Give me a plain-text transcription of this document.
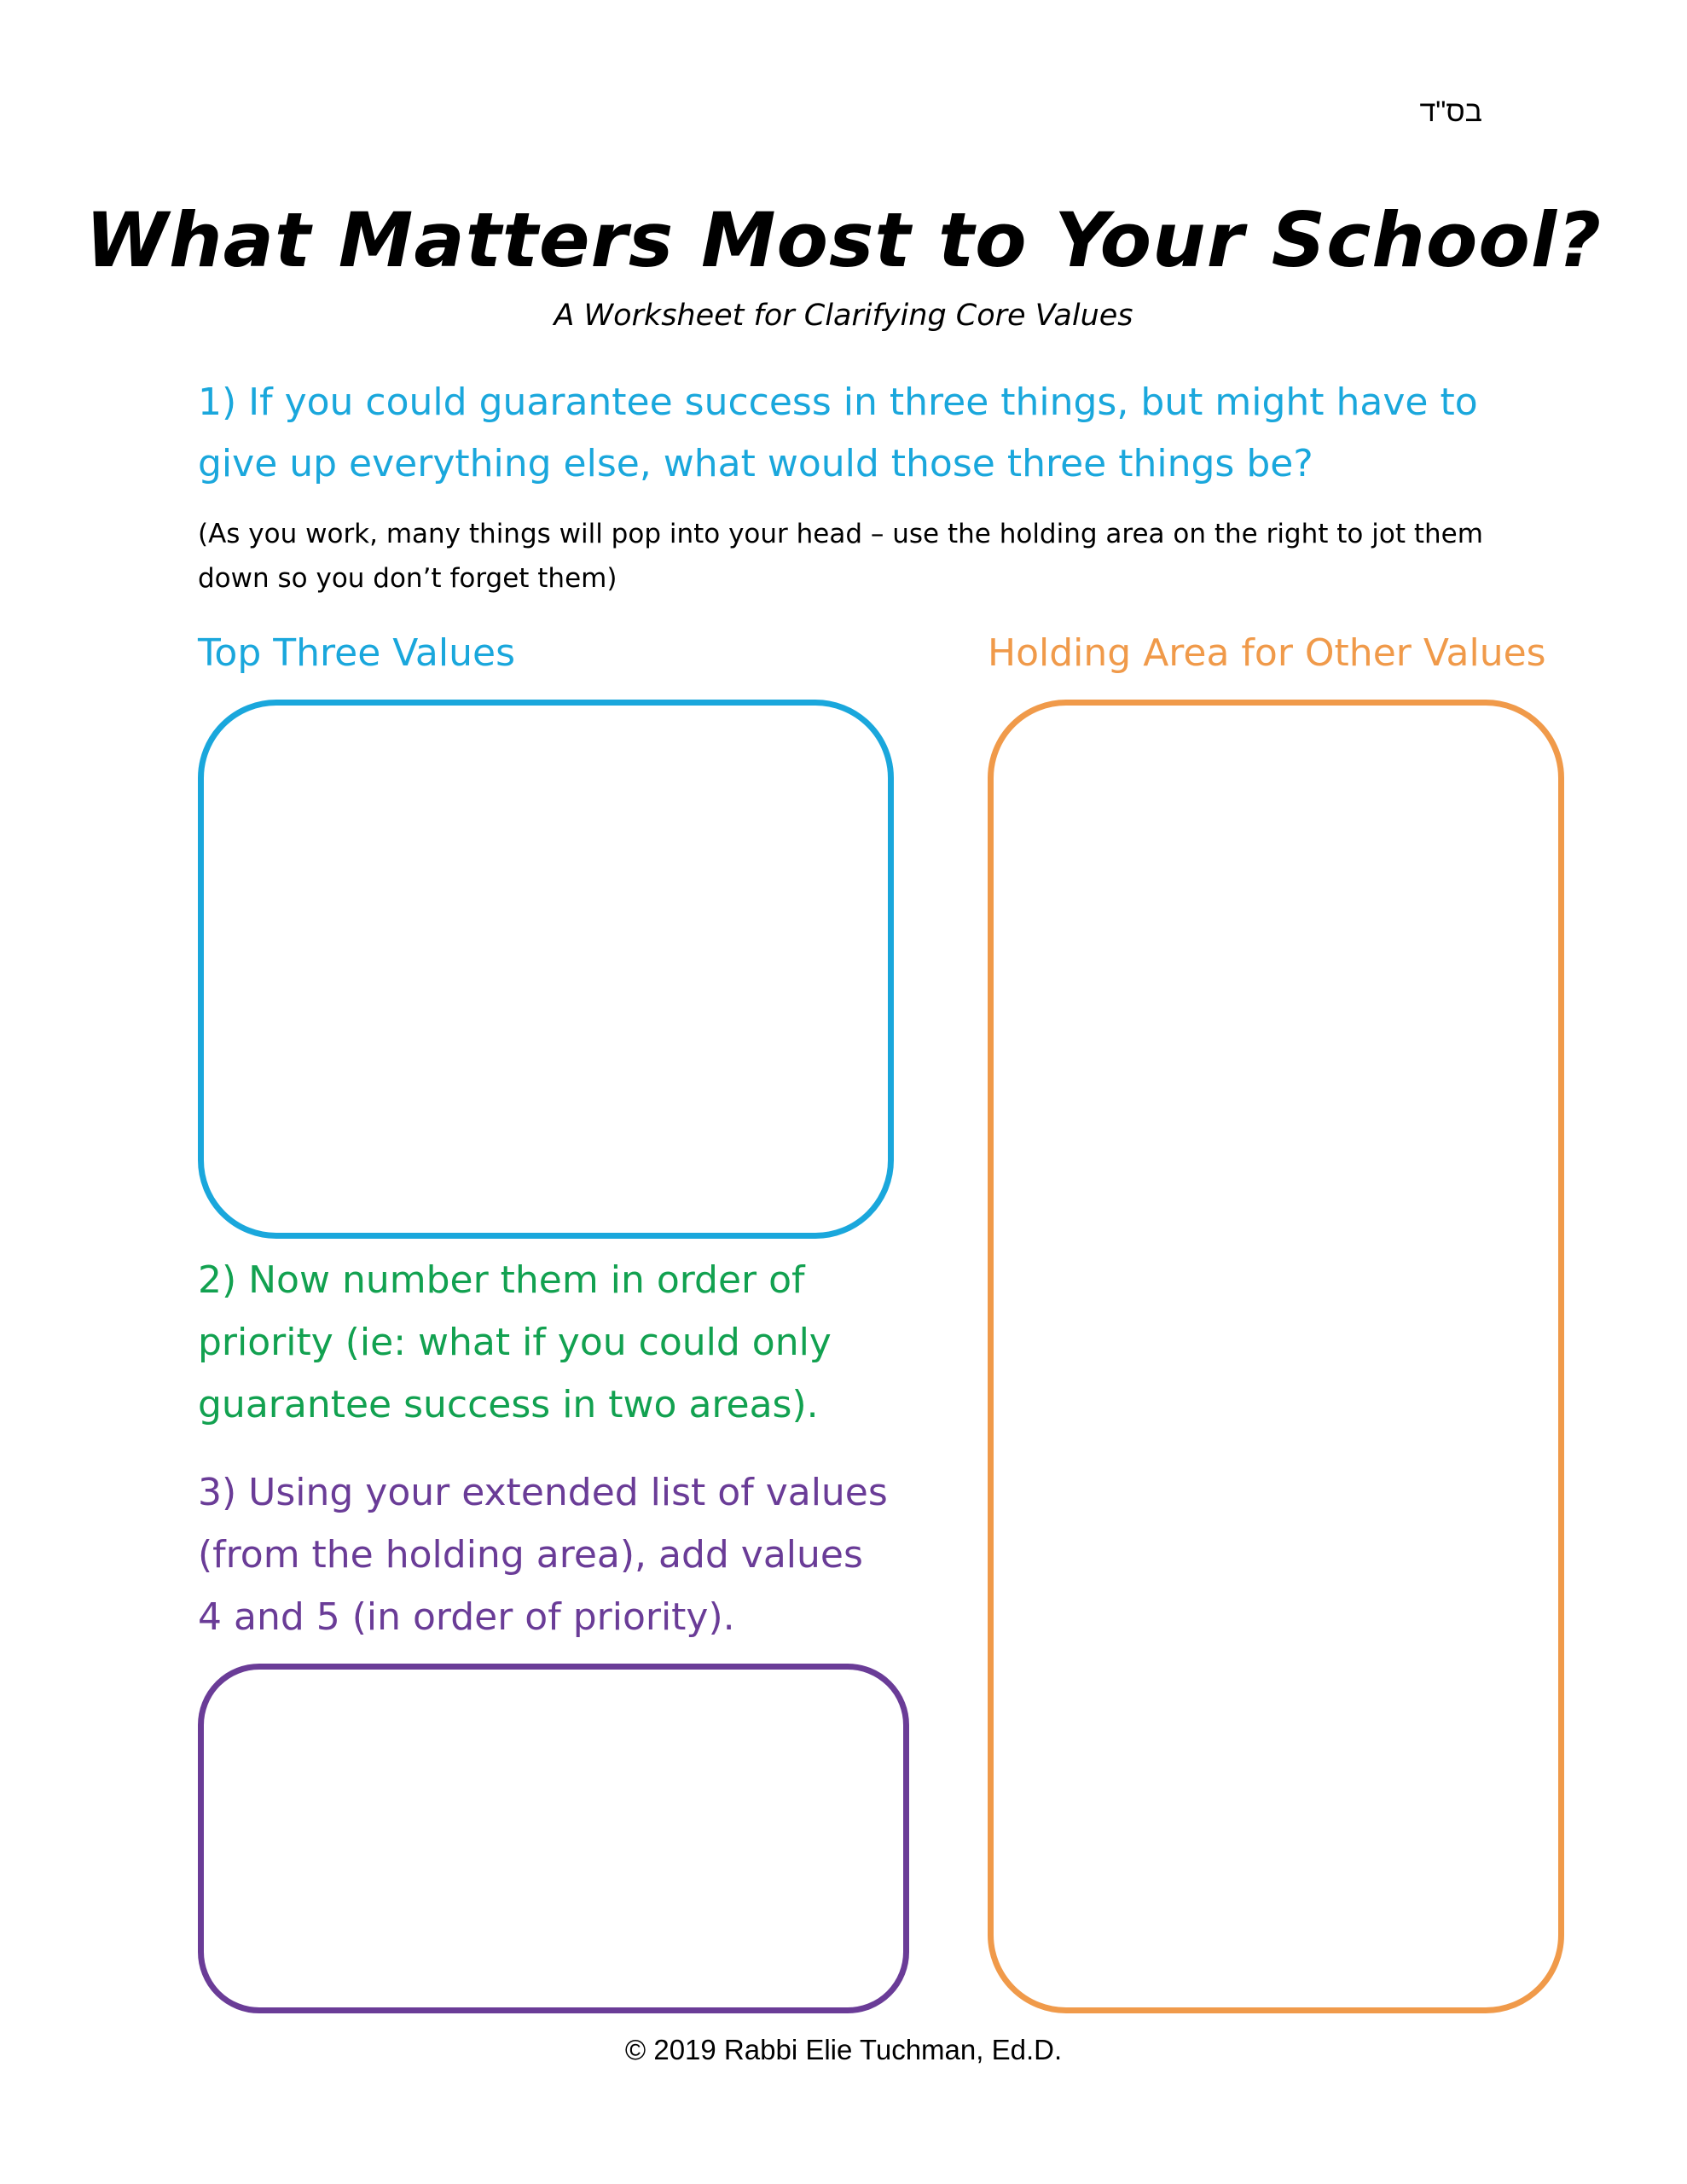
בס"ד
What Matters Most to Your School?
A Worksheet for Clarifying Core Values
1) If you could guarantee success in three things, but might have to give up everything else, what would those three things be?
(As you work, many things will pop into your head – use the holding area on the right to jot them down so you don’t forget them)
Top Three Values	Holding Area for Other Values
2) Now number them in order of priority (ie: what if you could only guarantee success in two areas).
3) Using your extended list of values (from the holding area), add values 4 and 5 (in order of priority).
© 2019 Rabbi Elie Tuchman, Ed.D.
